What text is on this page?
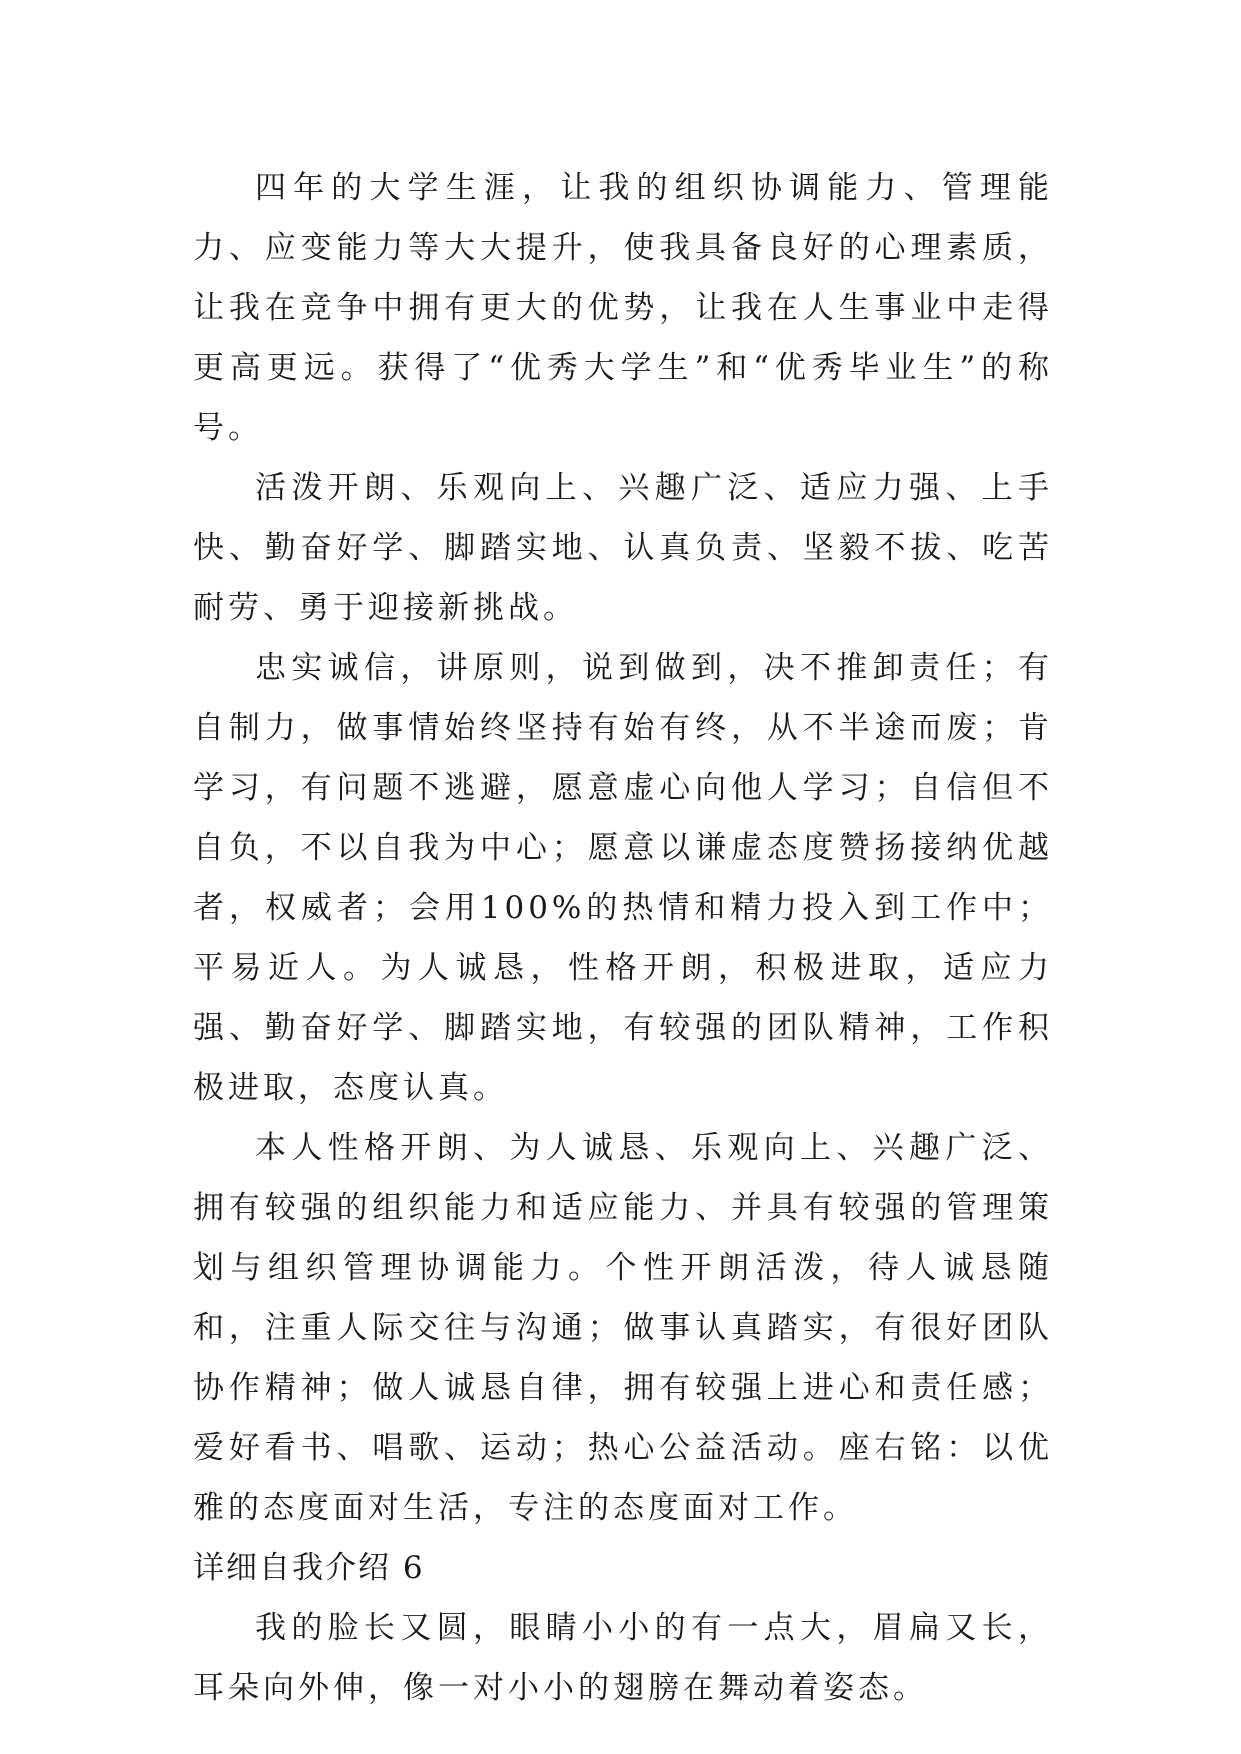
四年的大学生涯，让我的组织协调能力、管理能力、应变能力等大大提升，使我具备良好的心理素质，让我在竞争中拥有更大的优势，让我在人生事业中走得更高更远。获得了“优秀大学生”和“优秀毕业生”的称号。

活泼开朗、乐观向上、兴趣广泛、适应力强、上手快、勤奋好学、脚踏实地、认真负责、坚毅不拔、吃苦耐劳、勇于迎接新挑战。

忠实诚信，讲原则，说到做到，决不推卸责任；有自制力，做事情始终坚持有始有终，从不半途而废；肯学习，有问题不逃避，愿意虚心向他人学习；自信但不自负，不以自我为中心；愿意以谦虚态度赞扬接纳优越者，权威者；会用100%的热情和精力投入到工作中；平易近人。为人诚恳，性格开朗，积极进取，适应力强、勤奋好学、脚踏实地，有较强的团队精神，工作积极进取，态度认真。

本人性格开朗、为人诚恳、乐观向上、兴趣广泛、拥有较强的组织能力和适应能力、并具有较强的管理策划与组织管理协调能力。个性开朗活泼，待人诚恳随和，注重人际交往与沟通；做事认真踏实，有很好团队协作精神；做人诚恳自律，拥有较强上进心和责任感；爱好看书、唱歌、运动；热心公益活动。座右铭：以优雅的态度面对生活，专注的态度面对工作。

详细自我介绍 6

我的脸长又圆，眼睛小小的有一点大，眉扁又长，耳朵向外伸，像一对小小的翅膀在舞动着姿态。
